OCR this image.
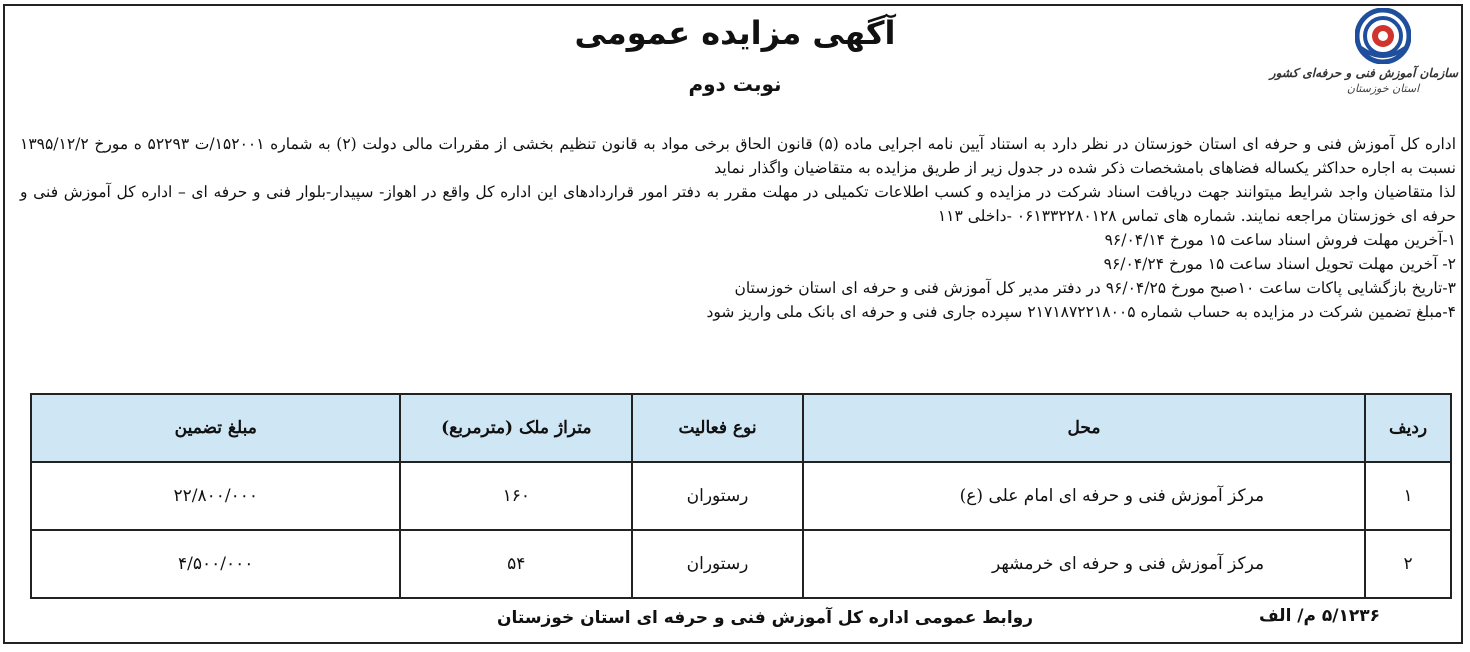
سازمان آموزش فنی و حرفه‌ای کشور
استان خوزستان
آگهی مزایده عمومی
نوبت دوم

اداره کل آموزش فنی و حرفه ای استان خوزستان در نظر دارد به استناد آیین نامه اجرایی ماده (۵) قانون الحاق برخی مواد به قانون تنظیم بخشی از مقررات مالی دولت (۲) به شماره ۱۵۲۰۰۱/ت ۵۲۲۹۳ ه مورخ ۱۳۹۵/۱۲/۲ نسبت به اجاره حداکثر یکساله فضاهای بامشخصات ذکر شده در جدول زیر از طریق مزایده به متقاضیان واگذار نماید

لذا متقاضیان واجد شرایط میتوانند جهت دریافت اسناد شرکت در مزایده و کسب اطلاعات تکمیلی در مهلت مقرر به دفتر امور قراردادهای این اداره کل واقع در اهواز- سپیدار-بلوار فنی و حرفه ای – اداره کل آموزش فنی و حرفه ای خوزستان مراجعه نمایند. شماره های تماس ۰۶۱۳۳۲۲۸۰۱۲۸ -داخلی ۱۱۳

۱-آخرین مهلت فروش اسناد ساعت ۱۵ مورخ ۹۶/۰۴/۱۴

۲- آخرین مهلت تحویل اسناد ساعت ۱۵ مورخ ۹۶/۰۴/۲۴

۳-تاریخ بازگشایی پاکات ساعت ۱۰صبح مورخ ۹۶/۰۴/۲۵ در دفتر مدیر کل آموزش فنی و حرفه ای استان خوزستان

۴-مبلغ تضمین شرکت در مزایده به حساب شماره ۲۱۷۱۸۷۲۲۱۸۰۰۵ سپرده جاری فنی و حرفه ای بانک ملی واریز شود

ردیف	محل	نوع فعالیت	متراژ ملک (مترمربع)	مبلغ تضمین
۱	مرکز آموزش فنی و حرفه ای امام علی (ع)	رستوران	۱۶۰	۲۲/۸۰۰/۰۰۰
۲	مرکز آموزش فنی و حرفه ای خرمشهر	رستوران	۵۴	۴/۵۰۰/۰۰۰
۵/۱۲۳۶ م/ الف
روابط عمومی اداره کل آموزش فنی و حرفه ای استان خوزستان
